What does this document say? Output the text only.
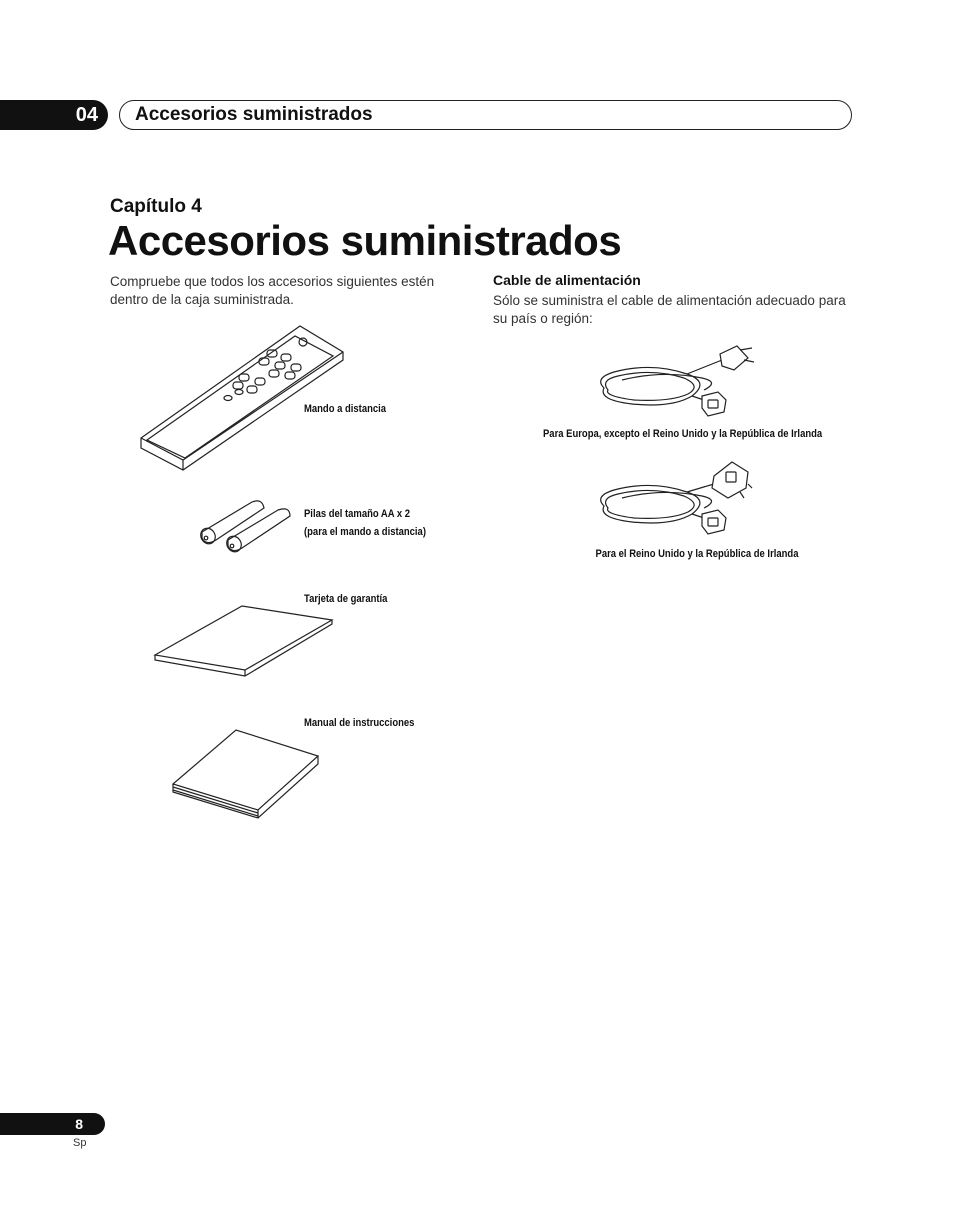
04	Accesorios suministrados
Capítulo 4
Accesorios suministrados
Compruebe que todos los accesorios siguientes estén dentro de la caja suministrada.
Cable de alimentación
Sólo se suministra el cable de alimentación adecuado para su país o región:
Mando a distancia
Pilas del tamaño AA x 2
(para el mando a distancia)
Tarjeta de garantía
Manual de instrucciones
Para Europa, excepto el Reino Unido y la República de Irlanda
Para el Reino Unido y la República de Irlanda
8
Sp
